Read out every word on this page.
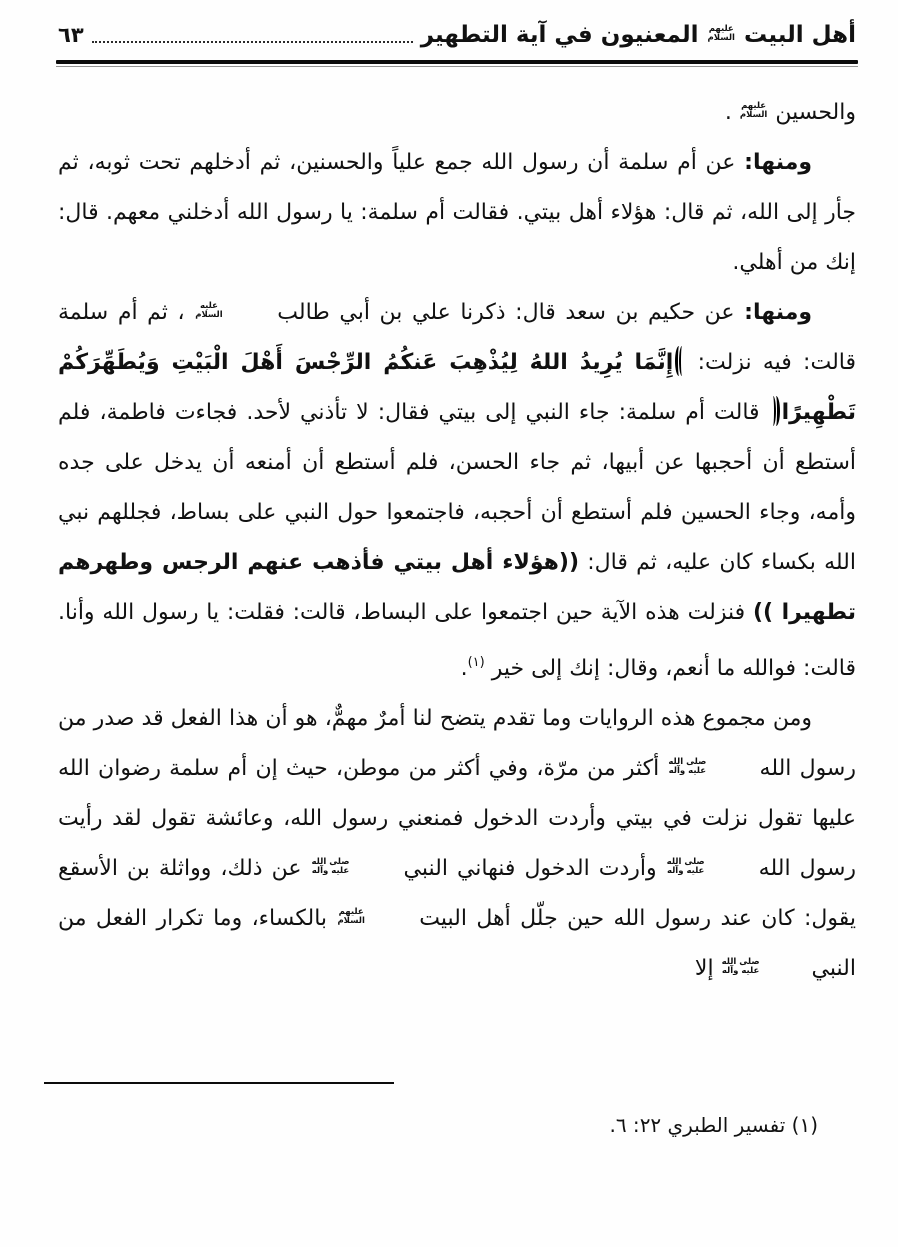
أهل البيت
عليهم
السلام
المعنيون في آية التطهير
٦٣

والحسين
عليهم
السلام
.

ومنها: عن أم سلمة أن رسول الله جمع علياً والحسنين، ثم أدخلهم تحت ثوبه، ثم جأر إلى الله، ثم قال: هؤلاء أهل بيتي. فقالت أم سلمة: يا رسول الله أدخلني معهم. قال: إنك من أهلي.

ومنها: عن حكيم بن سعد قال: ذكرنا علي بن أبي طالب
عليه
السلام
، ثم أم سلمة قالت: فيه نزلت: إِنَّمَا يُرِيدُ اللهُ لِيُذْهِبَ عَنكُمُ الرِّجْسَ أَهْلَ الْبَيْتِ وَيُطَهِّرَكُمْ تَطْهِيرًا قالت أم سلمة: جاء النبي إلى بيتي فقال: لا تأذني لأحد. فجاءت فاطمة، فلم أستطع أن أحجبها عن أبيها، ثم جاء الحسن، فلم أستطع أن أمنعه أن يدخل على جده وأمه، وجاء الحسين فلم أستطع أن أحجبه، فاجتمعوا حول النبي على بساط، فجللهم نبي الله بكساء كان عليه، ثم قال: ((هؤلاء أهل بيتي فأذهب عنهم الرجس وطهرهم تطهيرا )) فنزلت هذه الآية حين اجتمعوا على البساط، قالت: فقلت: يا رسول الله وأنا. قالت: فوالله ما أنعم، وقال: إنك إلى خير $^{(١)}$.

ومن مجموع هذه الروايات وما تقدم يتضح لنا أمرٌ مهمٌّ، هو أن هذا الفعل قد صدر من رسول الله
صلى الله
عليه وآله
أكثر من مرّة، وفي أكثر من موطن، حيث إن أم سلمة رضوان الله عليها تقول نزلت في بيتي وأردت الدخول فمنعني رسول الله، وعائشة تقول لقد رأيت رسول الله
صلى الله
عليه وآله
وأردت الدخول فنهاني النبي
صلى الله
عليه وآله
عن ذلك، وواثلة بن الأسقع يقول: كان عند رسول الله حين جلّل أهل البيت
عليهم
السلام
بالكساء، وما تكرار الفعل من النبي
صلى الله
عليه وآله
إلا

(١) تفسير الطبري ٢٢: ٦.
